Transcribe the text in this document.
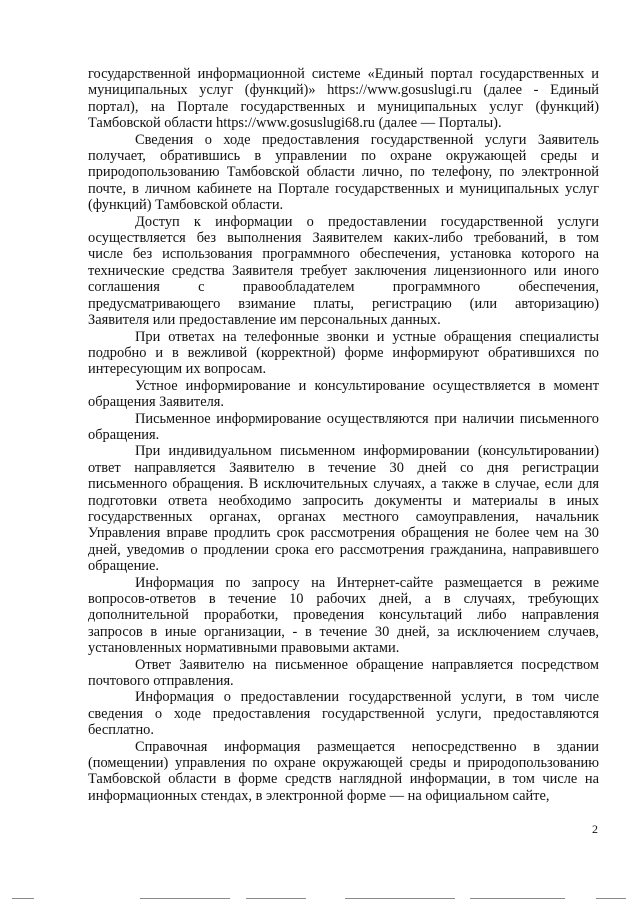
государственной информационной системе «Единый портал государственных и
муниципальных услуг (функций)» https://www.gosuslugi.ru (далее - Единый
портал), на Портале государственных и муниципальных услуг (функций)
Тамбовской области https://www.gosuslugi68.ru (далее — Порталы).
Сведения о ходе предоставления государственной услуги Заявитель
получает, обратившись в управлении по охране окружающей среды и
природопользованию Тамбовской области лично, по телефону, по электронной
почте, в личном кабинете на Портале государственных и муниципальных услуг
(функций) Тамбовской области.
Доступ к информации о предоставлении государственной услуги
осуществляется без выполнения Заявителем каких-либо требований, в том
числе без использования программного обеспечения, установка которого на
технические средства Заявителя требует заключения лицензионного или иного
соглашения с правообладателем программного обеспечения,
предусматривающего взимание платы, регистрацию (или авторизацию)
Заявителя или предоставление им персональных данных.
При ответах на телефонные звонки и устные обращения специалисты
подробно и в вежливой (корректной) форме информируют обратившихся по
интересующим их вопросам.
Устное информирование и консультирование осуществляется в момент
обращения Заявителя.
Письменное информирование осуществляются при наличии письменного
обращения.
При индивидуальном письменном информировании (консультировании)
ответ направляется Заявителю в течение 30 дней со дня регистрации
письменного обращения. В исключительных случаях, а также в случае, если для
подготовки ответа необходимо запросить документы и материалы в иных
государственных органах, органах местного самоуправления, начальник
Управления вправе продлить срок рассмотрения обращения не более чем на 30
дней, уведомив о продлении срока его рассмотрения гражданина, направившего
обращение.
Информация по запросу на Интернет-сайте размещается в режиме
вопросов-ответов в течение 10 рабочих дней, а в случаях, требующих
дополнительной проработки, проведения консультаций либо направления
запросов в иные организации, - в течение 30 дней, за исключением случаев,
установленных нормативными правовыми актами.
Ответ Заявителю на письменное обращение направляется посредством
почтового отправления.
Информация о предоставлении государственной услуги, в том числе
сведения о ходе предоставления государственной услуги, предоставляются
бесплатно.
Справочная информация размещается непосредственно в здании
(помещении) управления по охране окружающей среды и природопользованию
Тамбовской области в форме средств наглядной информации, в том числе на
информационных стендах, в электронной форме — на официальном сайте,
2
